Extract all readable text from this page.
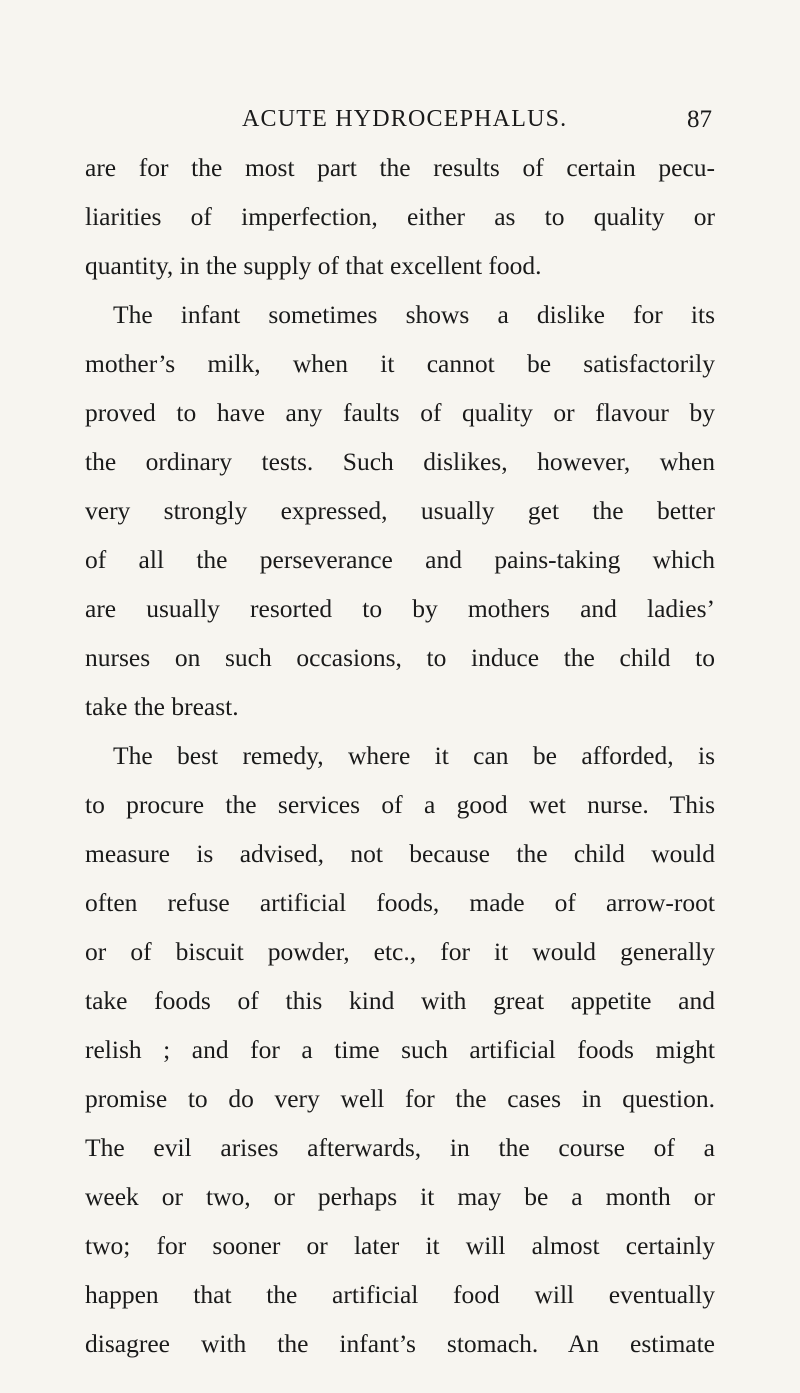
ACUTE HYDROCEPHALUS.	87
are for the most part the results of certain pecu-
liarities of imperfection, either as to quality or
quantity, in the supply of that excellent food.
The infant sometimes shows a dislike for its
mother’s milk, when it cannot be satisfactorily
proved to have any faults of quality or flavour by
the ordinary tests. Such dislikes, however, when
very strongly expressed, usually get the better
of all the perseverance and pains-taking which
are usually resorted to by mothers and ladies’
nurses on such occasions, to induce the child to
take the breast.
The best remedy, where it can be afforded, is
to procure the services of a good wet nurse. This
measure is advised, not because the child would
often refuse artificial foods, made of arrow-root
or of biscuit powder, etc., for it would generally
take foods of this kind with great appetite and
relish ; and for a time such artificial foods might
promise to do very well for the cases in question.
The evil arises afterwards, in the course of a
week or two, or perhaps it may be a month or
two; for sooner or later it will almost certainly
happen that the artificial food will eventually
disagree with the infant’s stomach. An estimate
